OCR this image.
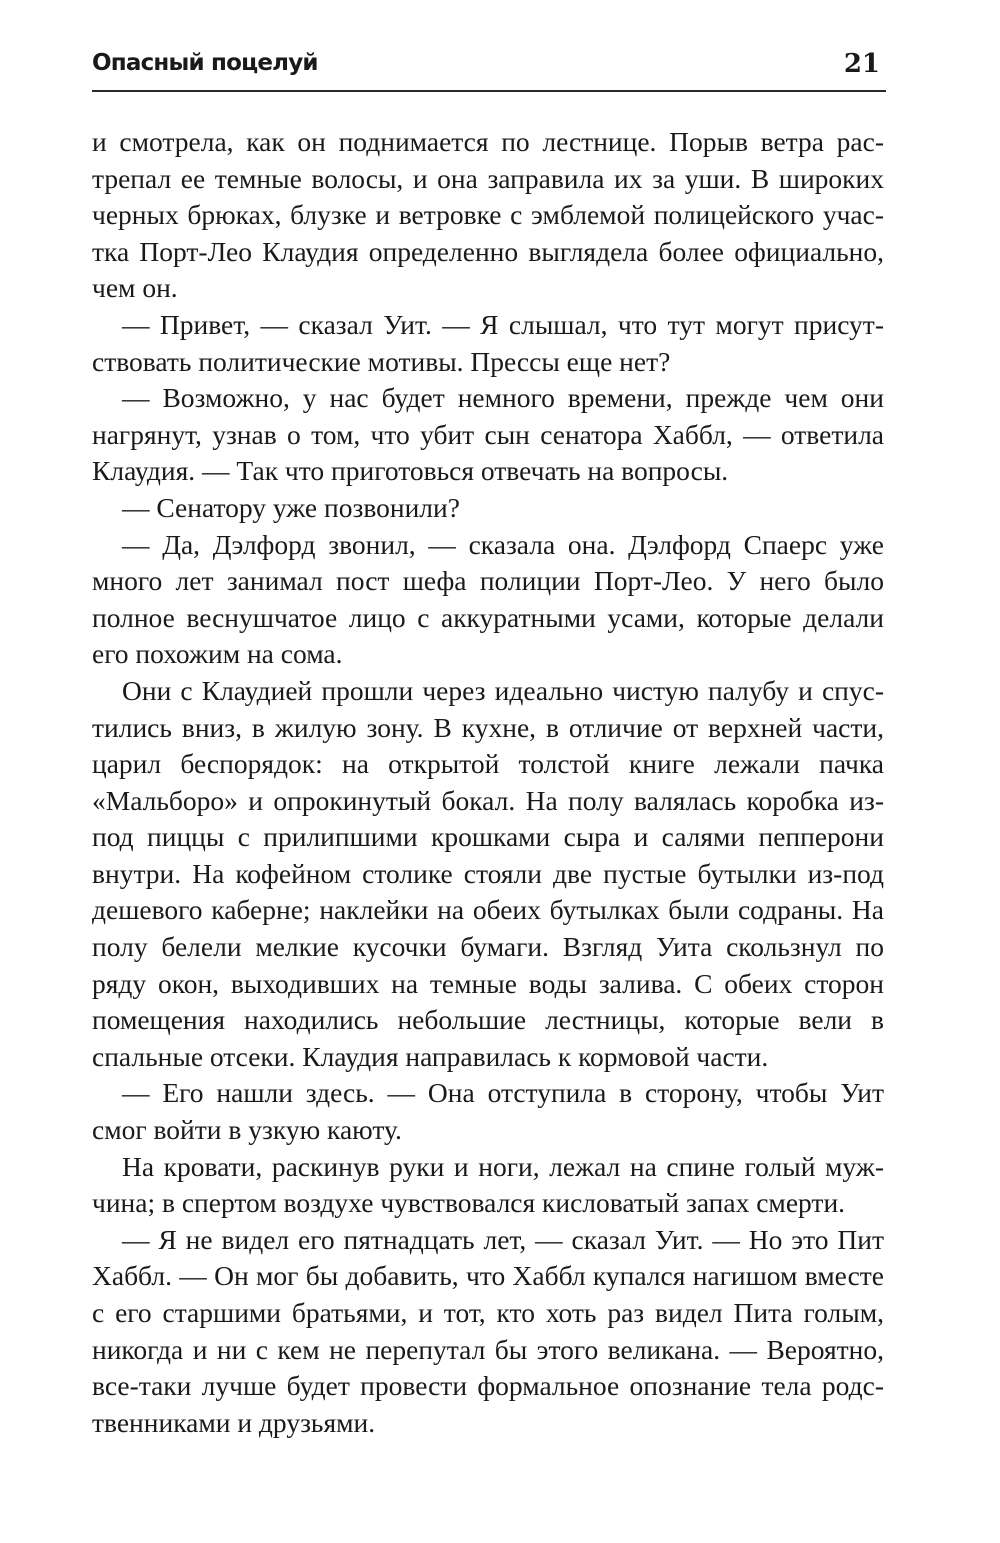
Опасный поцелуй	21

и смотрела, как он поднимается по лестнице. Порыв ветра растрепал ее темные волосы, и она заправила их за уши. В широких черных брюках, блузке и ветровке с эмблемой полицейского участка Порт-Лео Клаудия определенно выглядела более официально, чем он.

— Привет, — сказал Уит. — Я слышал, что тут могут присутствовать политические мотивы. Прессы еще нет?

— Возможно, у нас будет немного времени, прежде чем они нагрянут, узнав о том, что убит сын сенатора Хаббл, — ответила Клаудия. — Так что приготовься отвечать на вопросы.

— Сенатору уже позвонили?

— Да, Дэлфорд звонил, — сказала она. Дэлфорд Спаерс уже много лет занимал пост шефа полиции Порт-Лео. У него было полное веснушчатое лицо с аккуратными усами, которые делали его похожим на сома.

Они с Клаудией прошли через идеально чистую палубу и спустились вниз, в жилую зону. В кухне, в отличие от верхней части, царил беспорядок: на открытой толстой книге лежали пачка «Мальборо» и опрокинутый бокал. На полу валялась коробка из-под пиццы с прилипшими крошками сыра и салями пепперони внутри. На кофейном столике стояли две пустые бутылки из-под дешевого каберне; наклейки на обеих бутылках были содраны. На полу белели мелкие кусочки бумаги. Взгляд Уита скользнул по ряду окон, выходивших на темные воды залива. С обеих сторон помещения находились небольшие лестницы, которые вели в спальные отсеки. Клаудия направилась к кормовой части.

— Его нашли здесь. — Она отступила в сторону, чтобы Уит смог войти в узкую каюту.

На кровати, раскинув руки и ноги, лежал на спине голый мужчина; в спертом воздухе чувствовался кисловатый запах смерти.

— Я не видел его пятнадцать лет, — сказал Уит. — Но это Пит Хаббл. — Он мог бы добавить, что Хаббл купался нагишом вместе с его старшими братьями, и тот, кто хоть раз видел Пита голым, никогда и ни с кем не перепутал бы этого великана. — Вероятно, все-таки лучше будет провести формальное опознание тела родственниками и друзьями.
